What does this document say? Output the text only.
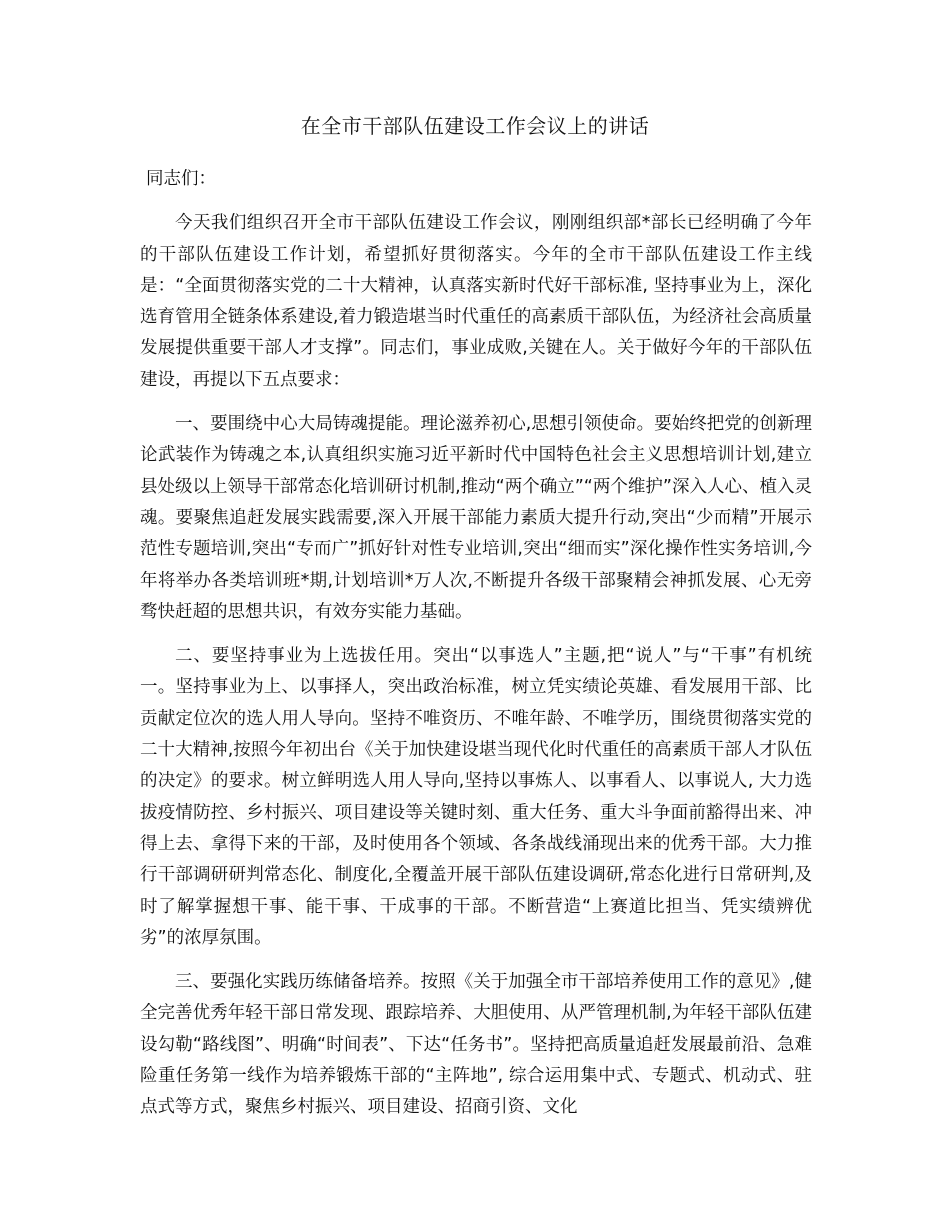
在全市干部队伍建设工作会议上的讲话

同志们：

今天我们组织召开全市干部队伍建设工作会议，刚刚组织部*部长已经明确了今年的干部队伍建设工作计划，希望抓好贯彻落实。今年的全市干部队伍建设工作主线是：“全面贯彻落实党的二十大精神，认真落实新时代好干部标准, 坚持事业为上，深化选育管用全链条体系建设,着力锻造堪当时代重任的高素质干部队伍，为经济社会高质量发展提供重要干部人才支撑”。同志们，事业成败,关键在人。关于做好今年的干部队伍建设，再提以下五点要求：

一、要围绕中心大局铸魂提能。理论滋养初心,思想引领使命。要始终把党的创新理论武装作为铸魂之本,认真组织实施习近平新时代中国特色社会主义思想培训计划,建立县处级以上领导干部常态化培训研讨机制,推动“两个确立”“两个维护”深入人心、植入灵魂。要聚焦追赶发展实践需要,深入开展干部能力素质大提升行动,突出“少而精”开展示范性专题培训,突出“专而广”抓好针对性专业培训,突出“细而实”深化操作性实务培训,今年将举办各类培训班*期,计划培训*万人次,不断提升各级干部聚精会神抓发展、心无旁骛快赶超的思想共识，有效夯实能力基础。

二、要坚持事业为上选拔任用。突出“以事选人”主题,把“说人”与“干事”有机统一。坚持事业为上、以事择人，突出政治标准，树立凭实绩论英雄、看发展用干部、比贡献定位次的选人用人导向。坚持不唯资历、不唯年龄、不唯学历，围绕贯彻落实党的二十大精神,按照今年初出台《关于加快建设堪当现代化时代重任的高素质干部人才队伍的决定》的要求。树立鲜明选人用人导向,坚持以事炼人、以事看人、以事说人, 大力选拔疫情防控、乡村振兴、项目建设等关键时刻、重大任务、重大斗争面前豁得出来、冲得上去、拿得下来的干部，及时使用各个领域、各条战线涌现出来的优秀干部。大力推行干部调研研判常态化、制度化,全覆盖开展干部队伍建设调研,常态化进行日常研判,及时了解掌握想干事、能干事、干成事的干部。不断营造“上赛道比担当、凭实绩辨优劣”的浓厚氛围。

三、要强化实践历练储备培养。按照《关于加强全市干部培养使用工作的意见》,健全完善优秀年轻干部日常发现、跟踪培养、大胆使用、从严管理机制,为年轻干部队伍建设勾勒“路线图”、明确“时间表”、下达“任务书”。坚持把高质量追赶发展最前沿、急难险重任务第一线作为培养锻炼干部的“主阵地”, 综合运用集中式、专题式、机动式、驻点式等方式，聚焦乡村振兴、项目建设、招商引资、文化
